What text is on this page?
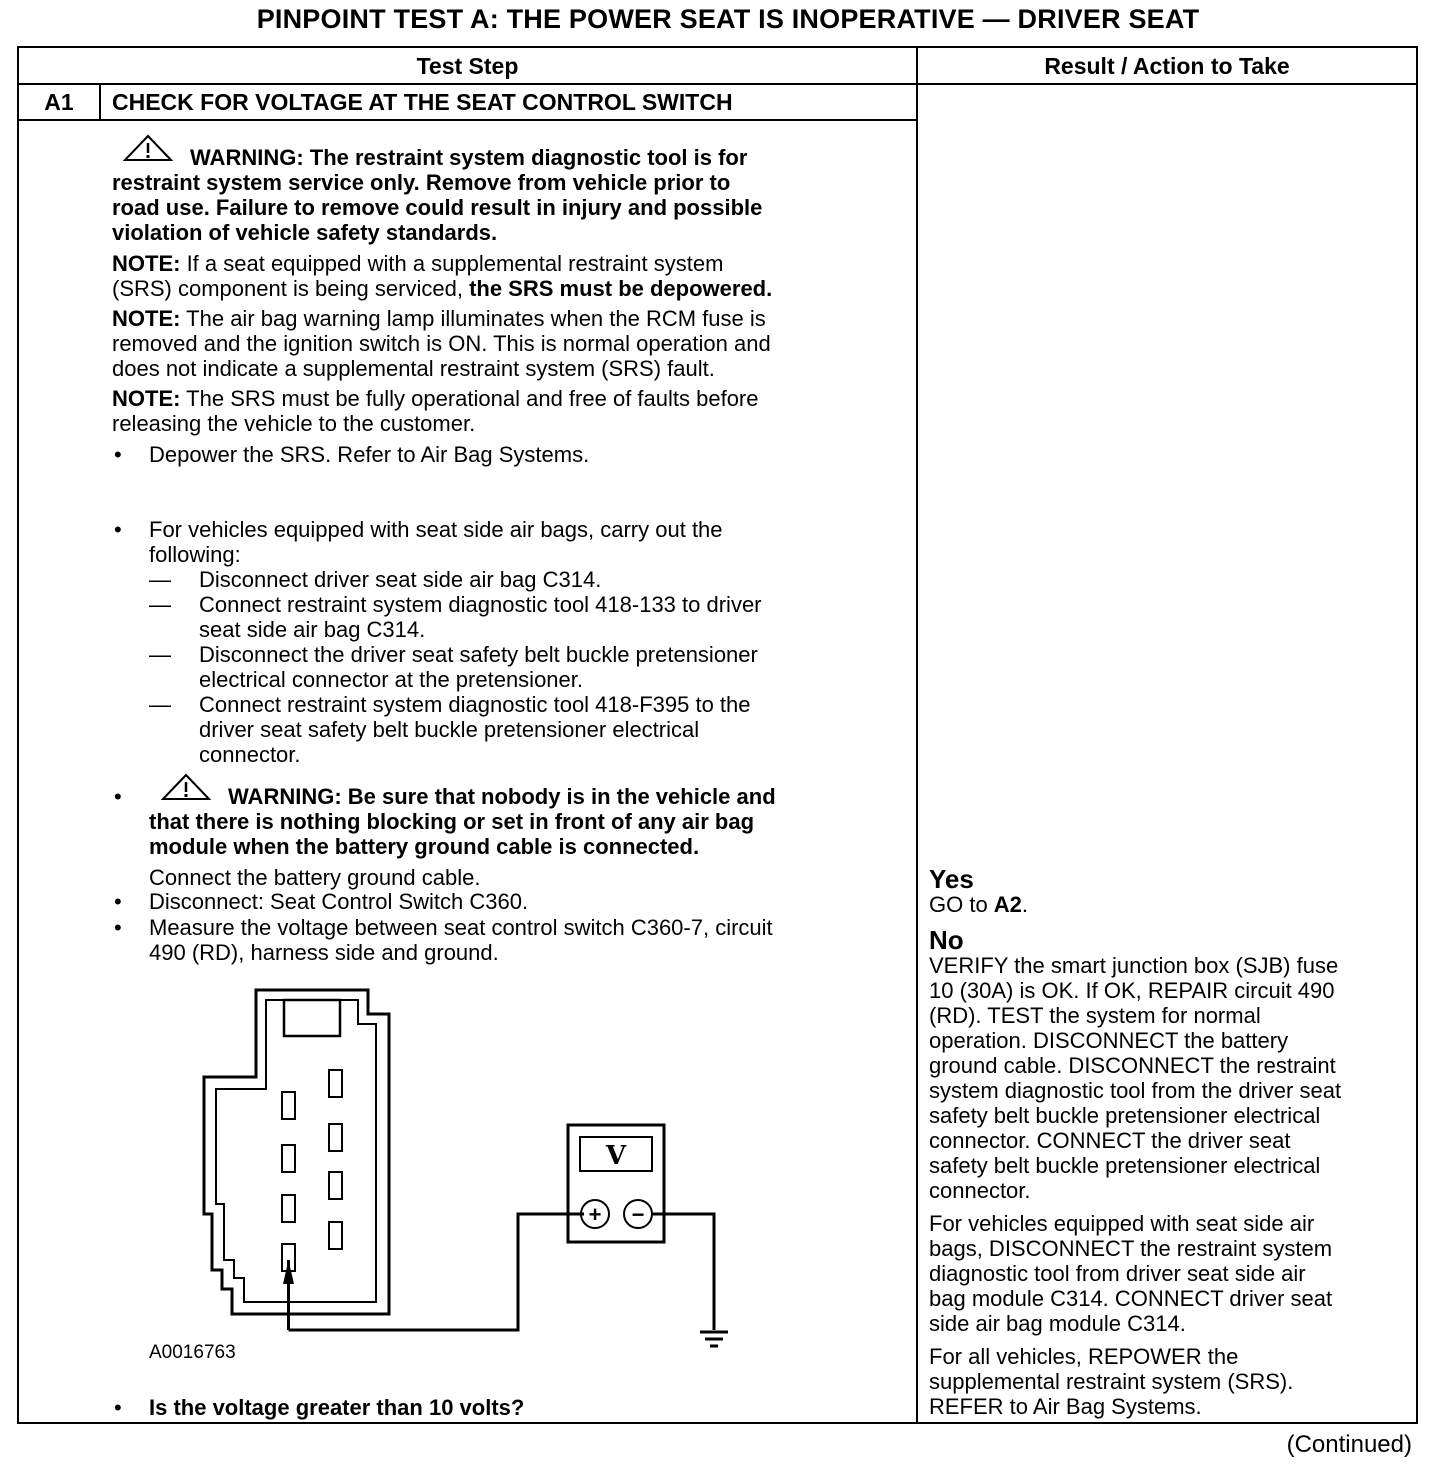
PINPOINT TEST A: THE POWER SEAT IS INOPERATIVE — DRIVER SEAT
Test Step	Result / Action to Take
A1	CHECK FOR VOLTAGE AT THE SEAT CONTROL SWITCH
WARNING: The restraint system diagnostic tool is for
restraint system service only. Remove from vehicle prior to
road use. Failure to remove could result in injury and possible
violation of vehicle safety standards.
NOTE: If a seat equipped with a supplemental restraint system
(SRS) component is being serviced, the SRS must be depowered.
NOTE: The air bag warning lamp illuminates when the RCM fuse is
removed and the ignition switch is ON. This is normal operation and
does not indicate a supplemental restraint system (SRS) fault.
NOTE: The SRS must be fully operational and free of faults before
releasing the vehicle to the customer.
• Depower the SRS. Refer to Air Bag Systems.
• For vehicles equipped with seat side air bags, carry out the
following:
— Disconnect driver seat side air bag C314.
— Connect restraint system diagnostic tool 418-133 to driver
seat side air bag C314.
— Disconnect the driver seat safety belt buckle pretensioner
electrical connector at the pretensioner.
— Connect restraint system diagnostic tool 418-F395 to the
driver seat safety belt buckle pretensioner electrical
connector.
•	WARNING: Be sure that nobody is in the vehicle and
that there is nothing blocking or set in front of any air bag
module when the battery ground cable is connected.
Connect the battery ground cable.
• Disconnect: Seat Control Switch C360.
• Measure the voltage between seat control switch C360-7, circuit
490 (RD), harness side and ground.
V
+ −
A0016763
• Is the voltage greater than 10 volts?
Yes
GO to A2.
No
VERIFY the smart junction box (SJB) fuse
10 (30A) is OK. If OK, REPAIR circuit 490
(RD). TEST the system for normal
operation. DISCONNECT the battery
ground cable. DISCONNECT the restraint
system diagnostic tool from the driver seat
safety belt buckle pretensioner electrical
connector. CONNECT the driver seat
safety belt buckle pretensioner electrical
connector.
For vehicles equipped with seat side air
bags, DISCONNECT the restraint system
diagnostic tool from driver seat side air
bag module C314. CONNECT driver seat
side air bag module C314.
For all vehicles, REPOWER the
supplemental restraint system (SRS).
REFER to Air Bag Systems.
(Continued)
